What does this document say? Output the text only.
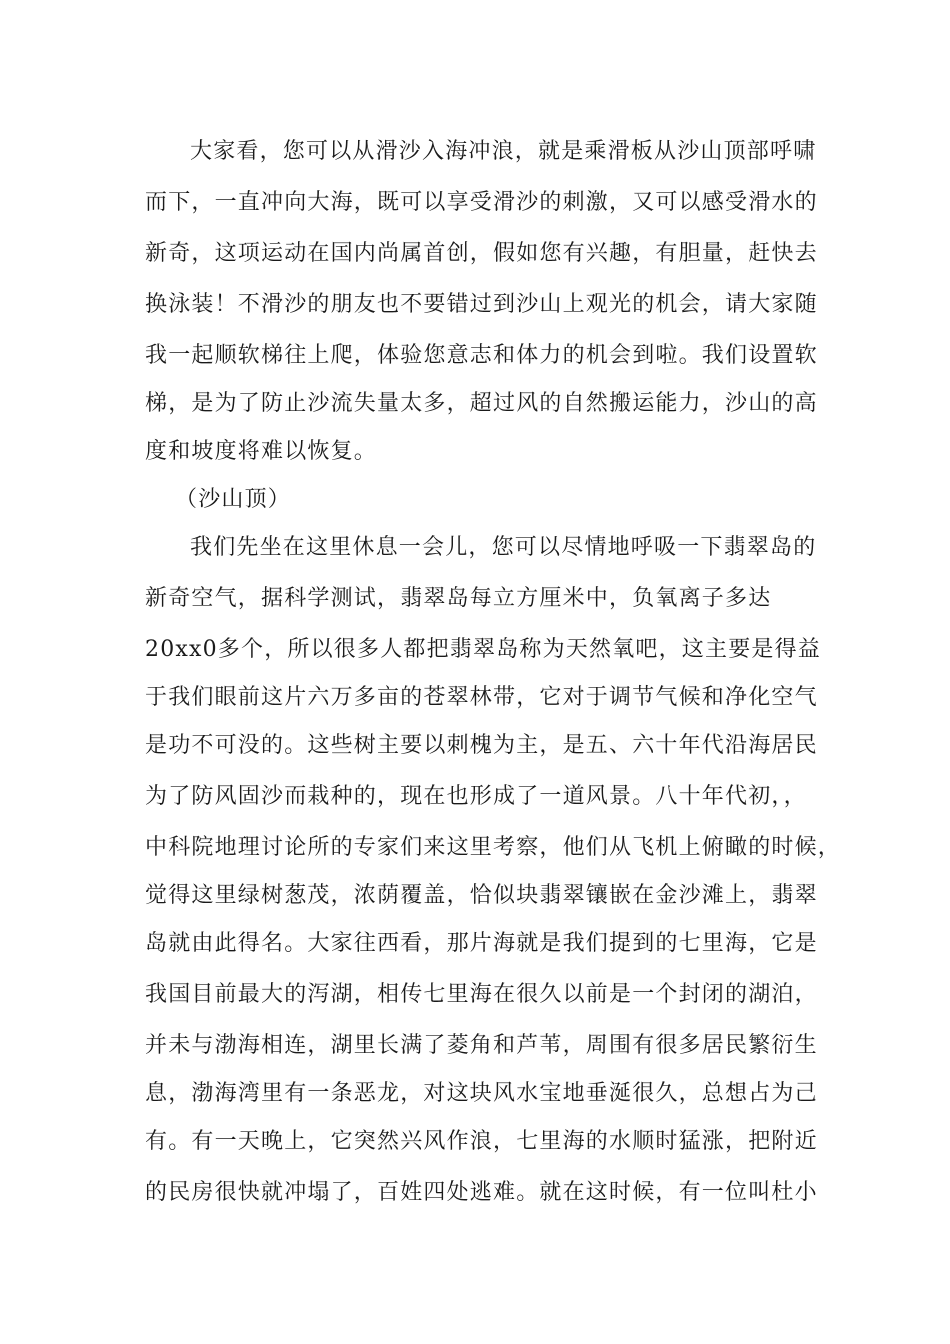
大家看，您可以从滑沙入海冲浪，就是乘滑板从沙山顶部呼啸
而下，一直冲向大海，既可以享受滑沙的刺激，又可以感受滑水的
新奇，这项运动在国内尚属首创，假如您有兴趣，有胆量，赶快去
换泳装！不滑沙的朋友也不要错过到沙山上观光的机会，请大家随
我一起顺软梯往上爬，体验您意志和体力的机会到啦。我们设置软
梯，是为了防止沙流失量太多，超过风的自然搬运能力，沙山的高
度和坡度将难以恢复。
（沙山顶）
我们先坐在这里休息一会儿，您可以尽情地呼吸一下翡翠岛的
新奇空气，据科学测试，翡翠岛每立方厘米中，负氧离子多达
20xx0多个，所以很多人都把翡翠岛称为天然氧吧，这主要是得益
于我们眼前这片六万多亩的苍翠林带，它对于调节气候和净化空气
是功不可没的。这些树主要以刺槐为主，是五、六十年代沿海居民
为了防风固沙而栽种的，现在也形成了一道风景。八十年代初，，
中科院地理讨论所的专家们来这里考察，他们从飞机上俯瞰的时候，
觉得这里绿树葱茂，浓荫覆盖，恰似块翡翠镶嵌在金沙滩上，翡翠
岛就由此得名。大家往西看，那片海就是我们提到的七里海，它是
我国目前最大的泻湖，相传七里海在很久以前是一个封闭的湖泊，
并未与渤海相连，湖里长满了菱角和芦苇，周围有很多居民繁衍生
息，渤海湾里有一条恶龙，对这块风水宝地垂涎很久，总想占为己
有。有一天晚上，它突然兴风作浪，七里海的水顺时猛涨，把附近
的民房很快就冲塌了，百姓四处逃难。就在这时候，有一位叫杜小
